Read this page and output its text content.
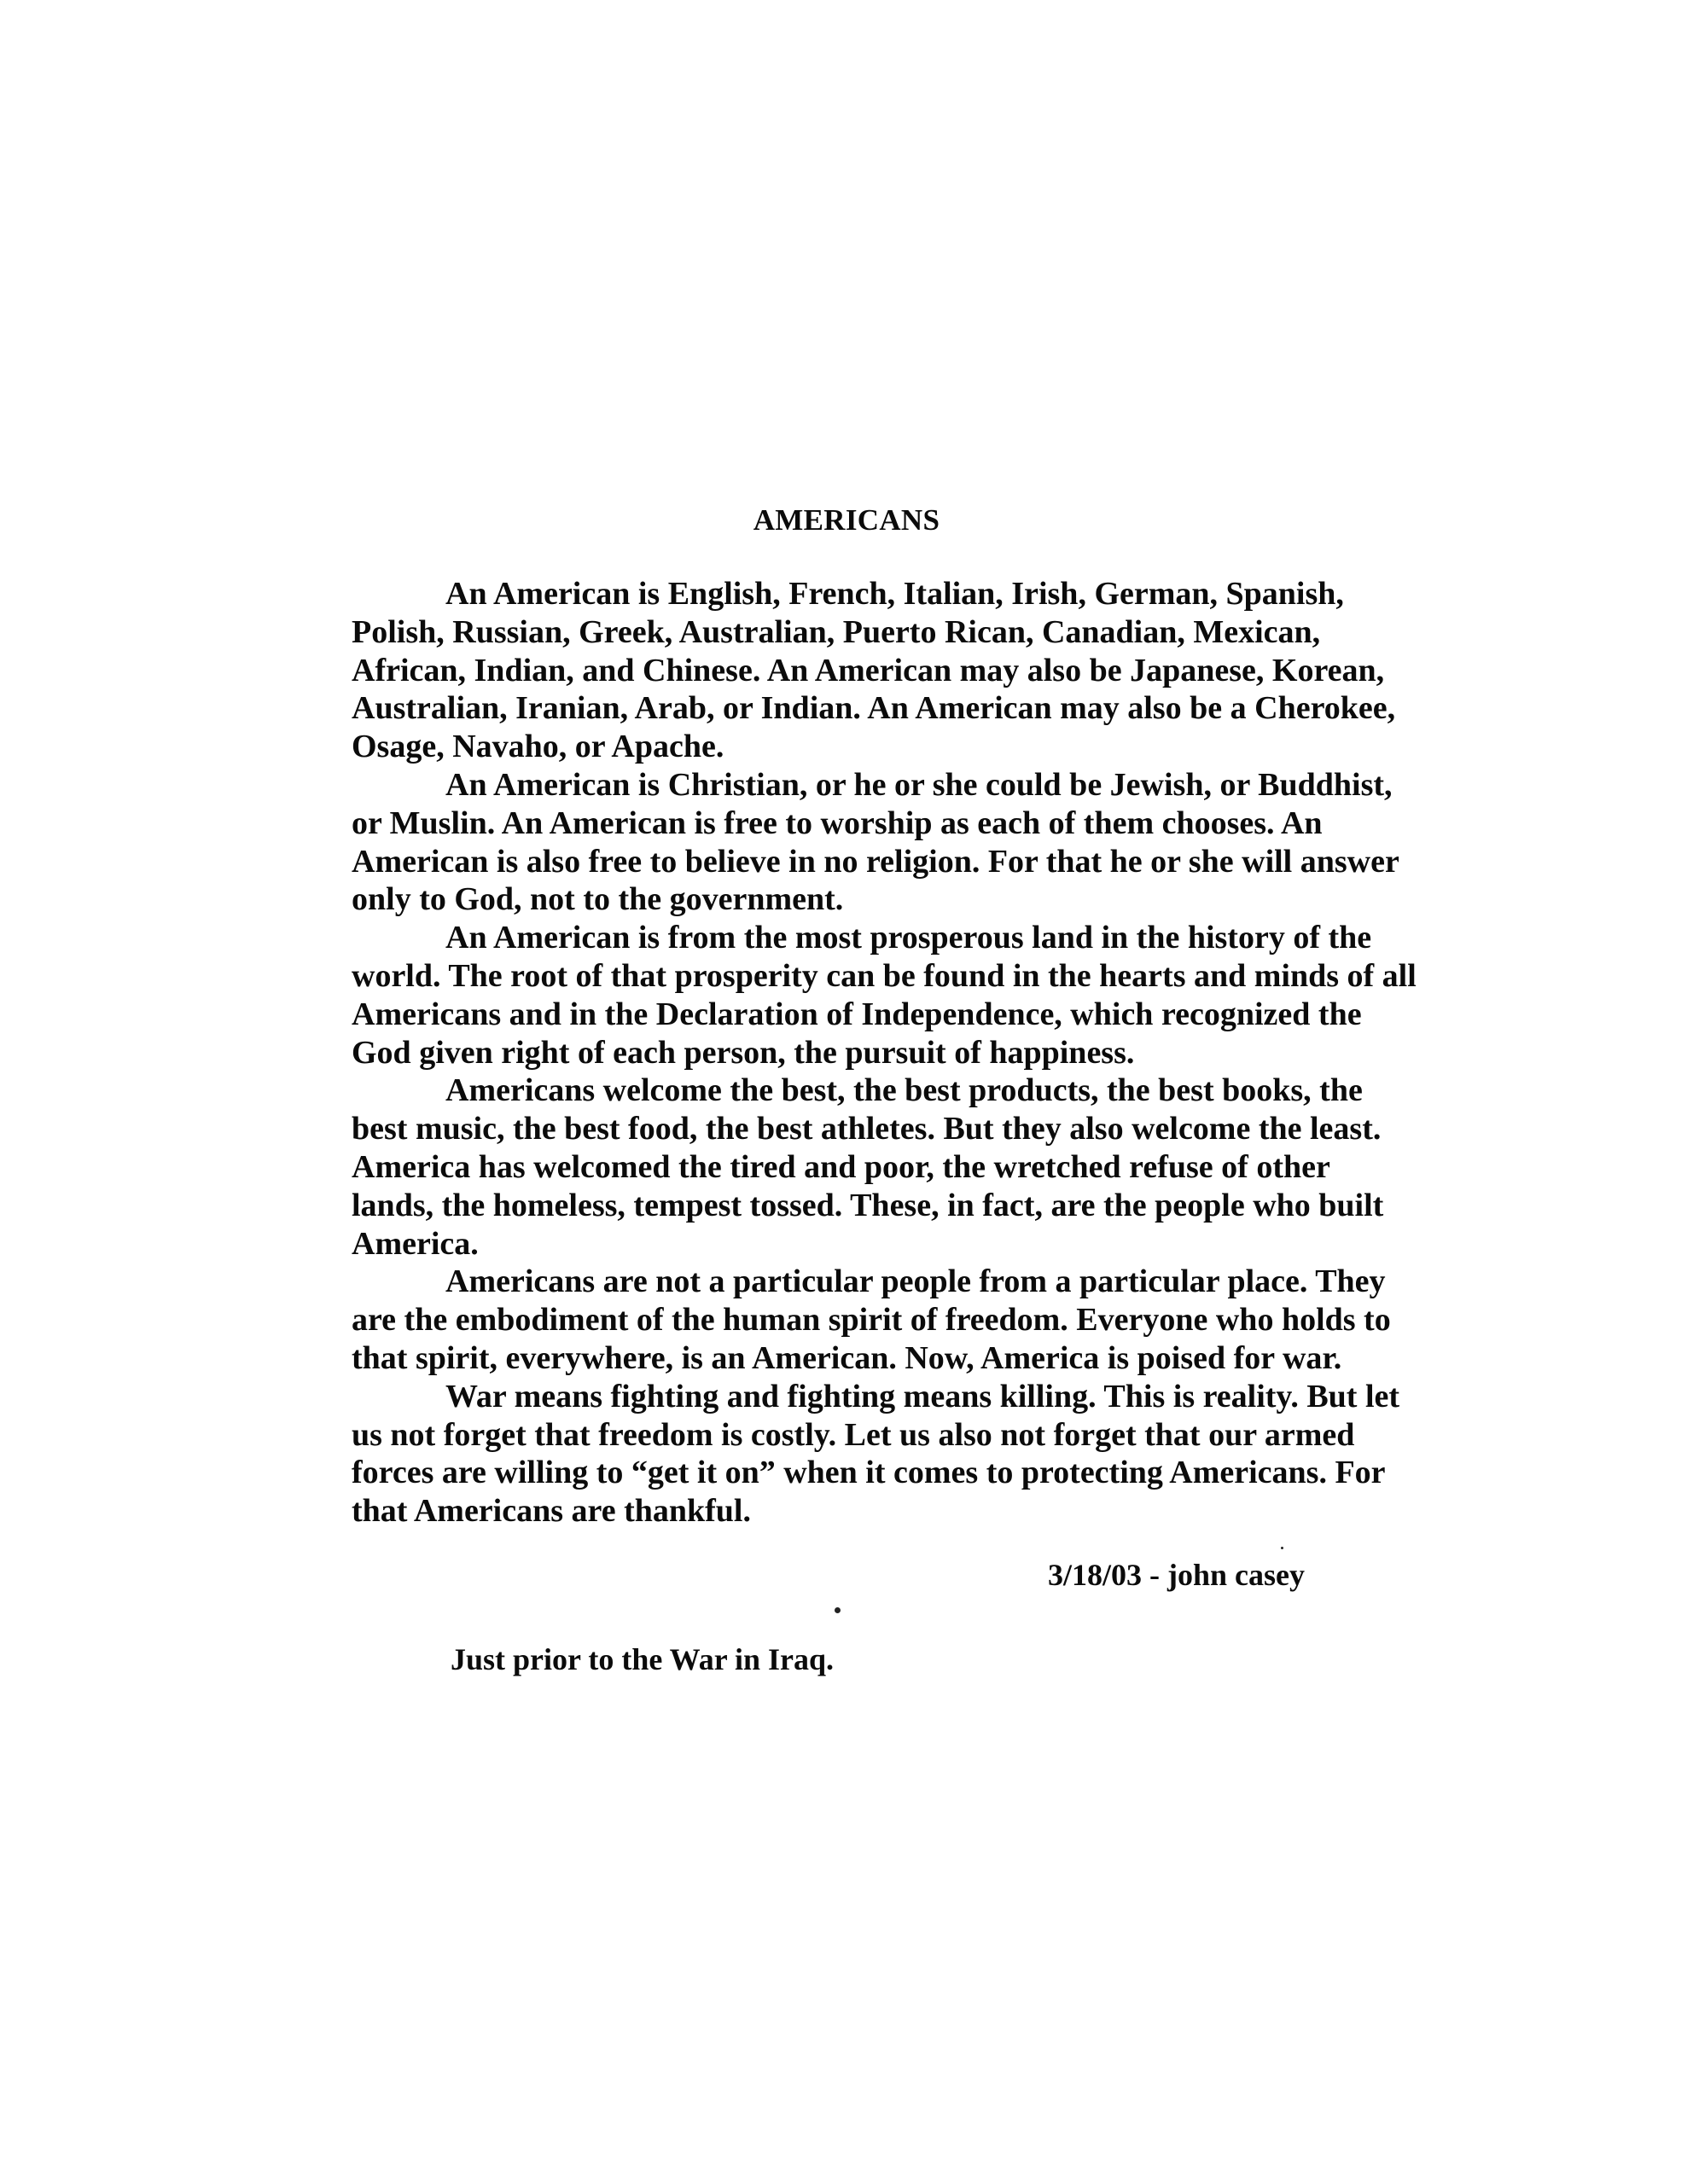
AMERICANS

An American is English, French, Italian, Irish, German, Spanish,
Polish, Russian, Greek, Australian, Puerto Rican, Canadian, Mexican,
African, Indian, and Chinese. An American may also be Japanese, Korean,
Australian, Iranian, Arab, or Indian. An American may also be a Cherokee,
Osage, Navaho, or Apache.

An American is Christian, or he or she could be Jewish, or Buddhist,
or Muslin. An American is free to worship as each of them chooses. An
American is also free to believe in no religion. For that he or she will answer
only to God, not to the government.

An American is from the most prosperous land in the history of the
world. The root of that prosperity can be found in the hearts and minds of all
Americans and in the Declaration of Independence, which recognized the
God given right of each person, the pursuit of happiness.

Americans welcome the best, the best products, the best books, the
best music, the best food, the best athletes. But they also welcome the least.
America has welcomed the tired and poor, the wretched refuse of other
lands, the homeless, tempest tossed. These, in fact, are the people who built
America.

Americans are not a particular people from a particular place. They
are the embodiment of the human spirit of freedom. Everyone who holds to
that spirit, everywhere, is an American. Now, America is poised for war.

War means fighting and fighting means killing. This is reality. But let
us not forget that freedom is costly. Let us also not forget that our armed
forces are willing to “get it on” when it comes to protecting Americans. For
that Americans are thankful.

3/18/03 - john casey
Just prior to the War in Iraq.
